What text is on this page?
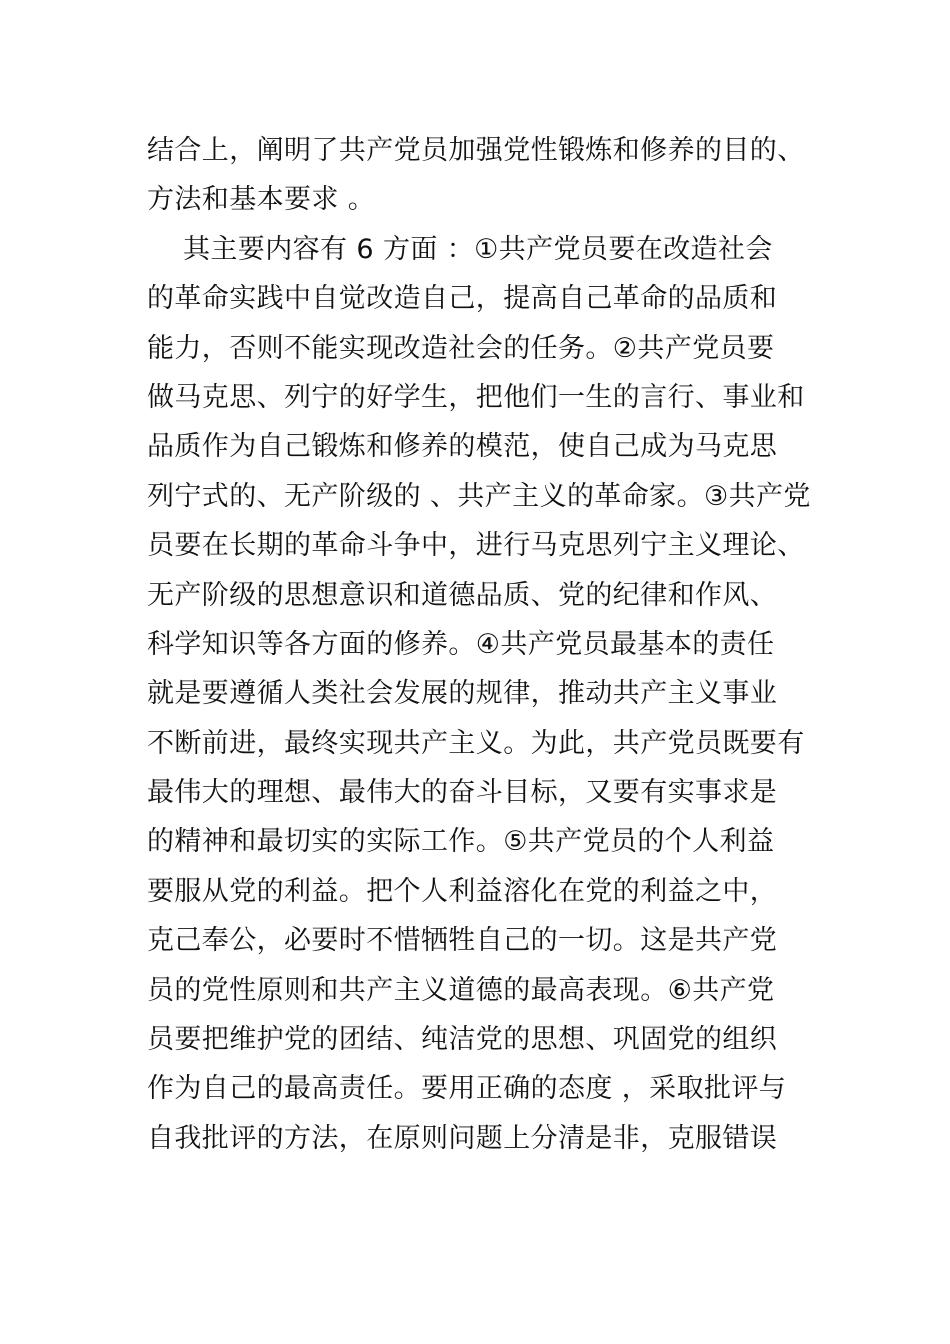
结合上，阐明了共产党员加强党性锻炼和修养的目的、
方法和基本要求 。
其主要内容有 6 方面 ：①共产党员要在改造社会
的革命实践中自觉改造自己，提高自己革命的品质和
能力，否则不能实现改造社会的任务。②共产党员要
做马克思、列宁的好学生，把他们一生的言行、事业和
品质作为自己锻炼和修养的模范，使自己成为马克思
列宁式的、无产阶级的 、共产主义的革命家。③共产党
员要在长期的革命斗争中，进行马克思列宁主义理论、
无产阶级的思想意识和道德品质、党的纪律和作风、
科学知识等各方面的修养。④共产党员最基本的责任
就是要遵循人类社会发展的规律，推动共产主义事业
不断前进，最终实现共产主义。为此，共产党员既要有
最伟大的理想、最伟大的奋斗目标，又要有实事求是
的精神和最切实的实际工作。⑤共产党员的个人利益
要服从党的利益。把个人利益溶化在党的利益之中，
克己奉公，必要时不惜牺牲自己的一切。这是共产党
员的党性原则和共产主义道德的最高表现。⑥共产党
员要把维护党的团结、纯洁党的思想、巩固党的组织
作为自己的最高责任。要用正确的态度 ，采取批评与
自我批评的方法，在原则问题上分清是非，克服错误
